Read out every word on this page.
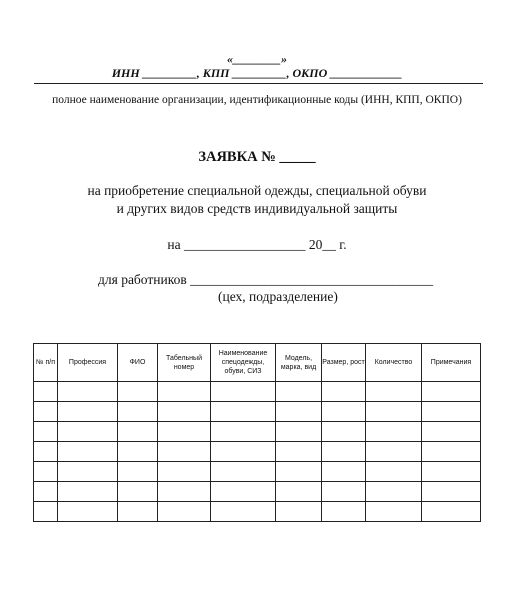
«________»
ИНН _________, КПП _________, ОКПО ____________
полное наименование организации, идентификационные коды (ИНН, КПП, ОКПО)
ЗАЯВКА № _____
на приобретение специальной одежды, специальной обуви
и других видов средств индивидуальной защиты
на __________________ 20__ г.
для работников ____________________________________
(цех, подразделение)
№ п/п	Профессия	ФИО	Табельный номер	Наименование спецодежды, обуви, СИЗ	Модель, марка, вид	Размер, рост	Количество	Примечания
